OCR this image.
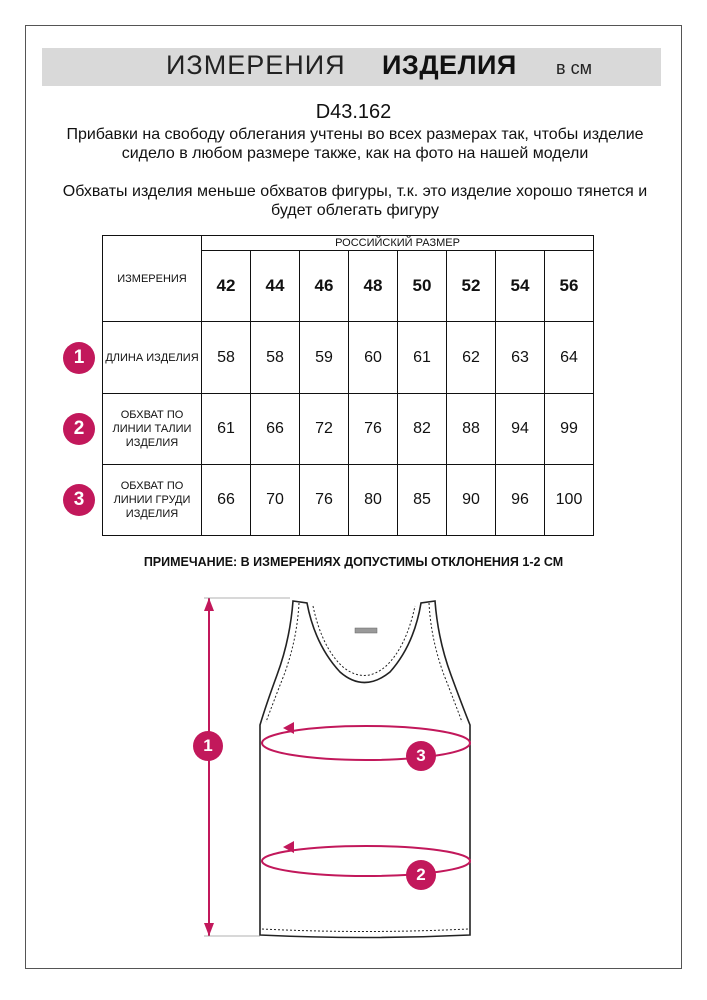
ИЗМЕРЕНИЯ ИЗДЕЛИЯ в см
D43.162
Прибавки на свободу облегания учтены во всех размерах так, чтобы изделие сидело в любом размере также, как на фото на нашей модели
Обхваты изделия меньше обхватов фигуры, т.к. это изделие хорошо тянется и будет облегать фигуру
ИЗМЕРЕНИЯ	РОССИЙСКИЙ РАЗМЕР							
	42	44	46	48	50	52	54	56
ДЛИНА ИЗДЕЛИЯ	58	58	59	60	61	62	63	64
ОБХВАТ ПО ЛИНИИ ТАЛИИ ИЗДЕЛИЯ	61	66	72	76	82	88	94	99
ОБХВАТ ПО ЛИНИИ ГРУДИ ИЗДЕЛИЯ	66	70	76	80	85	90	96	100
1
2
3
ПРИМЕЧАНИЕ: В ИЗМЕРЕНИЯХ ДОПУСТИМЫ ОТКЛОНЕНИЯ 1-2 СМ
1
3
2
